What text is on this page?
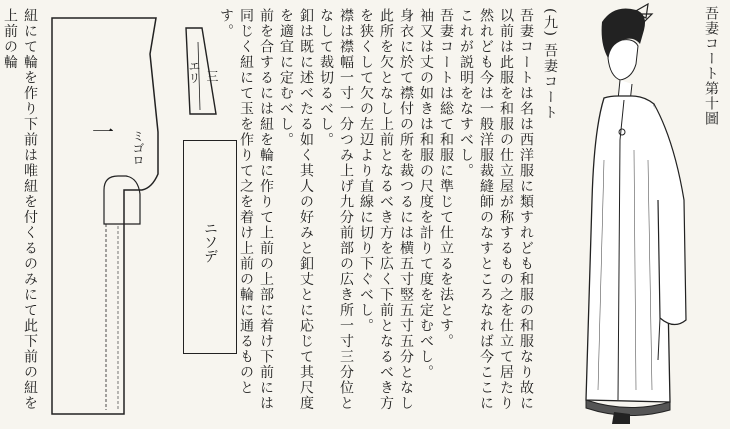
吾妻コート第十圖

(九) 吾妻コート

吾妻コートは名は西洋服に類すれども和服の和服なり故に以前は此服を和服の仕立屋が称するもの之を仕立て居たり然れども今は一般洋服裁縫師のなすところなれば今ここにこれが説明をなすべし。

吾妻コートは総て和服に準じて仕立るを法とす。

袖又は丈の如きは和服の尺度を計りて度を定むべし。

身衣に於て襟付の所を裁つるには横五寸竪五寸五分となし此所を欠となし上前となるべき方を広く下前となるべき方を狭くして欠の左辺より直線に切り下ぐべし。

襟は襟幅一寸一分つみ上げ九分前部の広き所一寸三分位となして裁切るべし。

釦は既に述べたる如く其人の好みと釦丈とに応じて其尺度を適宜に定むべし。

前を合するには紐を輪に作りて上前の上部に着け下前には同じく紐にて玉を作りて之を着け上前の輪に通るものとす。

ニソデ
エリ 三
ミゴロ
一

紐にて輪を作り下前は唯紐を付くるのみにて此下前の紐を上前の輪
